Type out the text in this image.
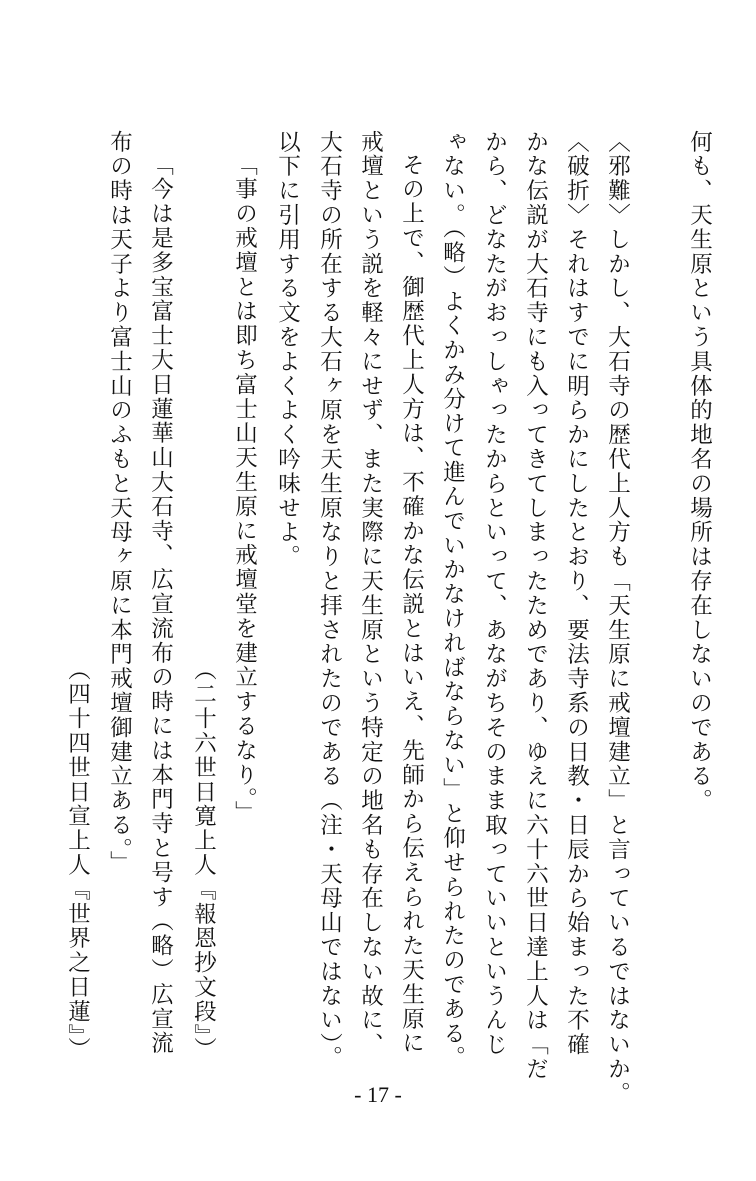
何も、天生原という具体的地名の場所は存在しないのである。
〈邪難〉しかし、大石寺の歴代上人方も「天生原に戒壇建立」と言っているではないか。
〈破折〉それはすでに明らかにしたとおり、要法寺系の日教・日辰から始まった不確
かな伝説が大石寺にも入ってきてしまったためであり、ゆえに六十六世日達上人は「だ
から、どなたがおっしゃったからといって、あながちそのまま取っていいというんじ
ゃない。（略）よくかみ分けて進んでいかなければならない」と仰せられたのである。
その上で、御歴代上人方は、不確かな伝説とはいえ、先師から伝えられた天生原に
戒壇という説を軽々にせず、また実際に天生原という特定の地名も存在しない故に、
大石寺の所在する大石ヶ原を天生原なりと拝されたのである（注・天母山ではない）。
以下に引用する文をよくよく吟味せよ。
「事の戒壇とは即ち富士山天生原に戒壇堂を建立するなり。」
（二十六世日寛上人『報恩抄文段』）
「今は是多宝富士大日蓮華山大石寺、広宣流布の時には本門寺と号す（略）広宣流
布の時は天子より富士山のふもと天母ヶ原に本門戒壇御建立ある。」
（四十四世日宣上人『世界之日蓮』）
- 17 -
